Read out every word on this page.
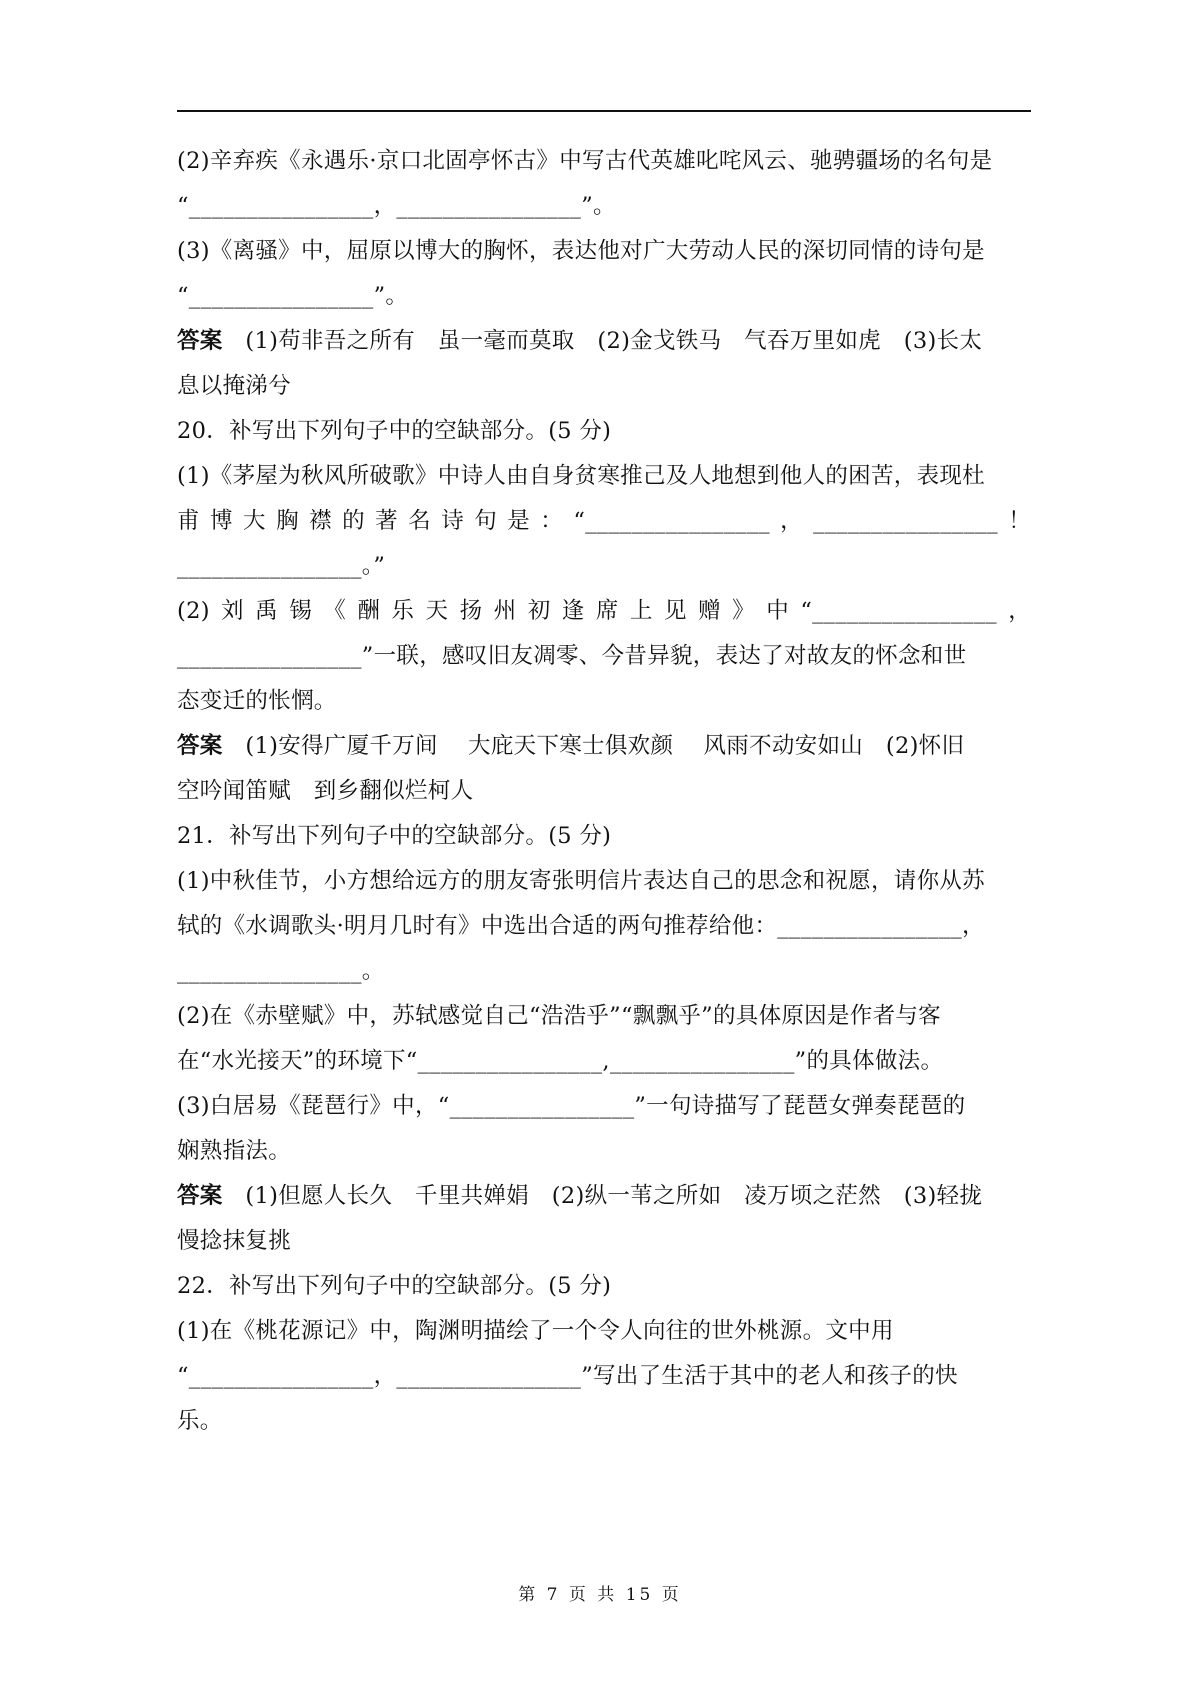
(2)辛弃疾《永遇乐·京口北固亭怀古》中写古代英雄叱咤风云、驰骋疆场的名句是
“________________，________________”。
(3)《离骚》中，屈原以博大的胸怀，表达他对广大劳动人民的深切同情的诗句是
“________________”。
答案　 (1)苟非吾之所有　虽一毫而莫取　(2)金戈铁马　气吞万里如虎　(3)长太
息以掩涕兮
20．补写出下列句子中的空缺部分。(5 分)
(1)《茅屋为秋风所破歌》中诗人由自身贫寒推己及人地想到他人的困苦，表现杜
甫博大胸襟的著名诗句是：“________________，________________！
________________。”
(2)刘禹锡《酬乐天扬州初逢席上见赠》中“________________，
________________”一联，感叹旧友凋零、今昔异貌，表达了对故友的怀念和世
态变迁的怅惘。
答案　 (1)安得广厦千万间　 大庇天下寒士俱欢颜　 风雨不动安如山　(2)怀旧
空吟闻笛赋　到乡翻似烂柯人
21．补写出下列句子中的空缺部分。(5 分)
(1)中秋佳节，小方想给远方的朋友寄张明信片表达自己的思念和祝愿，请你从苏
轼的《水调歌头·明月几时有》中选出合适的两句推荐给他：________________，
________________。
(2)在《赤壁赋》中，苏轼感觉自己“浩浩乎”“飘飘乎”的具体原因是作者与客
在“水光接天”的环境下“________________,________________”的具体做法。
(3)白居易《琵琶行》中，“________________”一句诗描写了琵琶女弹奏琵琶的
娴熟指法。
答案　 (1)但愿人长久　千里共婵娟　(2)纵一苇之所如　凌万顷之茫然　(3)轻拢
慢捻抹复挑
22．补写出下列句子中的空缺部分。(5 分)
(1)在《桃花源记》中，陶渊明描绘了一个令人向往的世外桃源。文中用
“________________，________________”写出了生活于其中的老人和孩子的快
乐。
第 7 页 共 15 页
